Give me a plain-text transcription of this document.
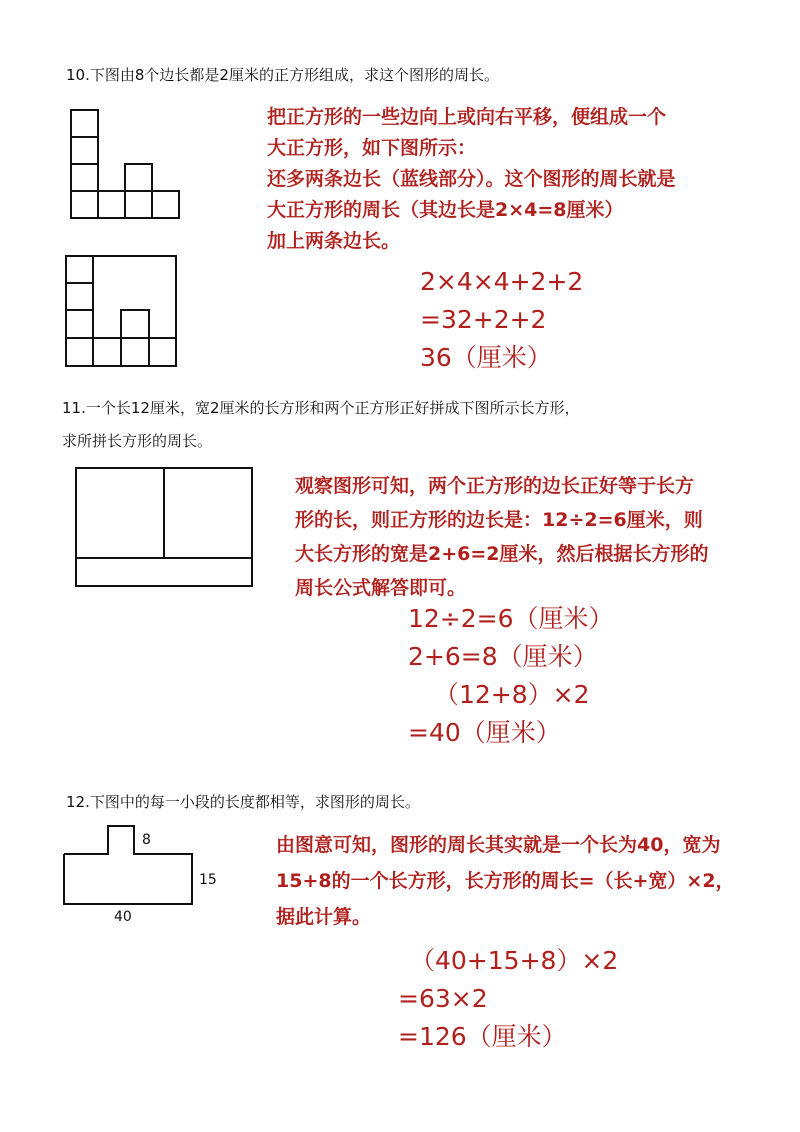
10.下图由8个边长都是2厘米的正方形组成，求这个图形的周长。
把正方形的一些边向上或向右平移，便组成一个
大正方形，如下图所示：
还多两条边长（蓝线部分）。这个图形的周长就是
大正方形的周长（其边长是2×4=8厘米）
加上两条边长。
2×4×4+2+2
=32+2+2
36（厘米）
11.一个长12厘米，宽2厘米的长方形和两个正方形正好拼成下图所示长方形，
求所拼长方形的周长。
观察图形可知，两个正方形的边长正好等于长方
形的长，则正方形的边长是：12÷2=6厘米，则
大长方形的宽是2+6=2厘米，然后根据长方形的
周长公式解答即可。
12÷2=6（厘米）
2+6=8（厘米）
（12+8）×2
=40（厘米）
12.下图中的每一小段的长度都相等，求图形的周长。
8
15
40
由图意可知，图形的周长其实就是一个长为40，宽为
15+8的一个长方形，长方形的周长=（长+宽）×2，
据此计算。
（40+15+8）×2
=63×2
=126（厘米）
